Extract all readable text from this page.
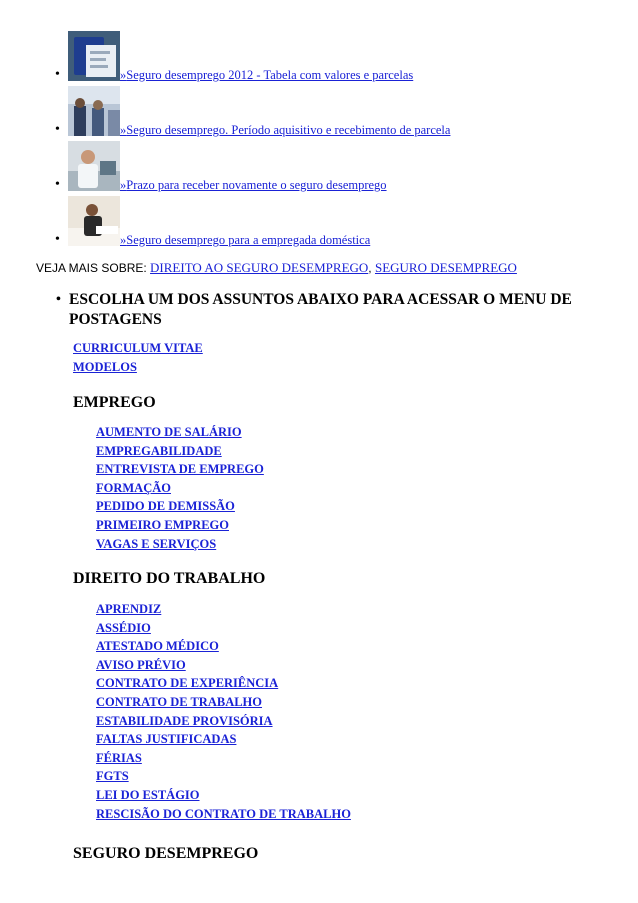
•	»Seguro desemprego 2012 - Tabela com valores e parcelas
•	»Seguro desemprego. Período aquisitivo e recebimento de parcela
•	»Prazo para receber novamente o seguro desemprego
•	»Seguro desemprego para a empregada doméstica
VEJA MAIS SOBRE: DIREITO AO SEGURO DESEMPREGO, SEGURO DESEMPREGO
• ESCOLHA UM DOS ASSUNTOS ABAIXO PARA ACESSAR O MENU DE POSTAGENS
CURRICULUM VITAE
MODELOS
EMPREGO
AUMENTO DE SALÁRIO
EMPREGABILIDADE
ENTREVISTA DE EMPREGO
FORMAÇÃO
PEDIDO DE DEMISSÃO
PRIMEIRO EMPREGO
VAGAS E SERVIÇOS
DIREITO DO TRABALHO
APRENDIZ
ASSÉDIO
ATESTADO MÉDICO
AVISO PRÉVIO
CONTRATO DE EXPERIÊNCIA
CONTRATO DE TRABALHO
ESTABILIDADE PROVISÓRIA
FALTAS JUSTIFICADAS
FÉRIAS
FGTS
LEI DO ESTÁGIO
RESCISÃO DO CONTRATO DE TRABALHO
SEGURO DESEMPREGO
